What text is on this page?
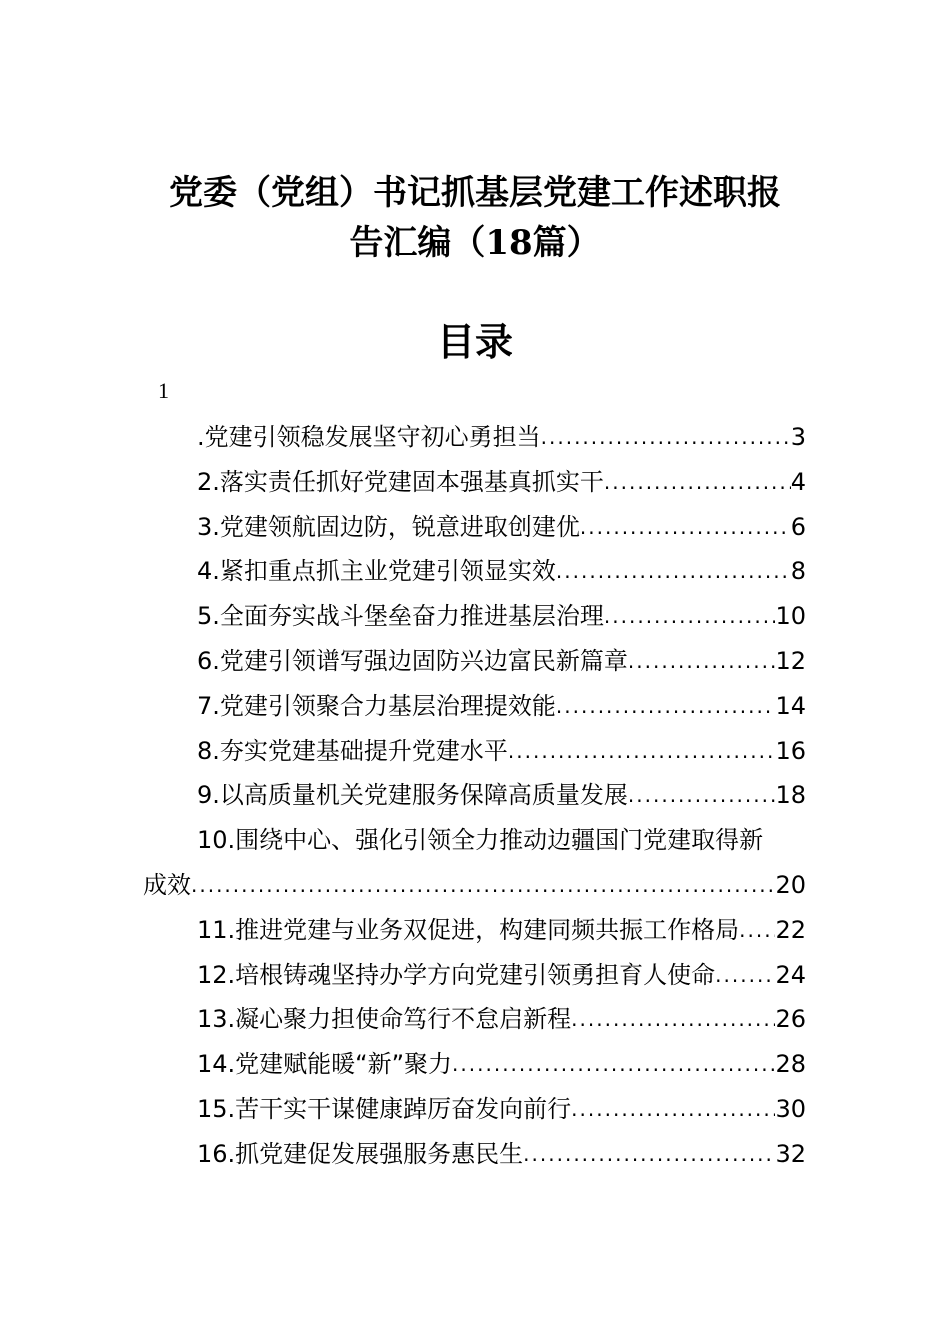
党委（党组）书记抓基层党建工作述职报
告汇编（18篇）
目录
1
.党建引领稳发展坚守初心勇担当 .....	3
2.落实责任抓好党建固本强基真抓实干 .....	4
3.党建领航固边防，锐意进取创建优 .....	6
4.紧扣重点抓主业党建引领显实效 .....	8
5.全面夯实战斗堡垒奋力推进基层治理 .....	10
6.党建引领谱写强边固防兴边富民新篇章 .....	12
7.党建引领聚合力基层治理提效能 .....	14
8.夯实党建基础提升党建水平 .....	16
9.以高质量机关党建服务保障高质量发展 .....	18
10.围绕中心、强化引领全力推动边疆国门党建取得新
成效 .....	20
11.推进党建与业务双促进，构建同频共振工作格局 ..... 22
12.培根铸魂坚持办学方向党建引领勇担育人使命 .....	24
13.凝心聚力担使命笃行不怠启新程 .....	26
14.党建赋能暖“新”聚力 .....	28
15.苦干实干谋健康踔厉奋发向前行 .....	30
16.抓党建促发展强服务惠民生 .....	32
